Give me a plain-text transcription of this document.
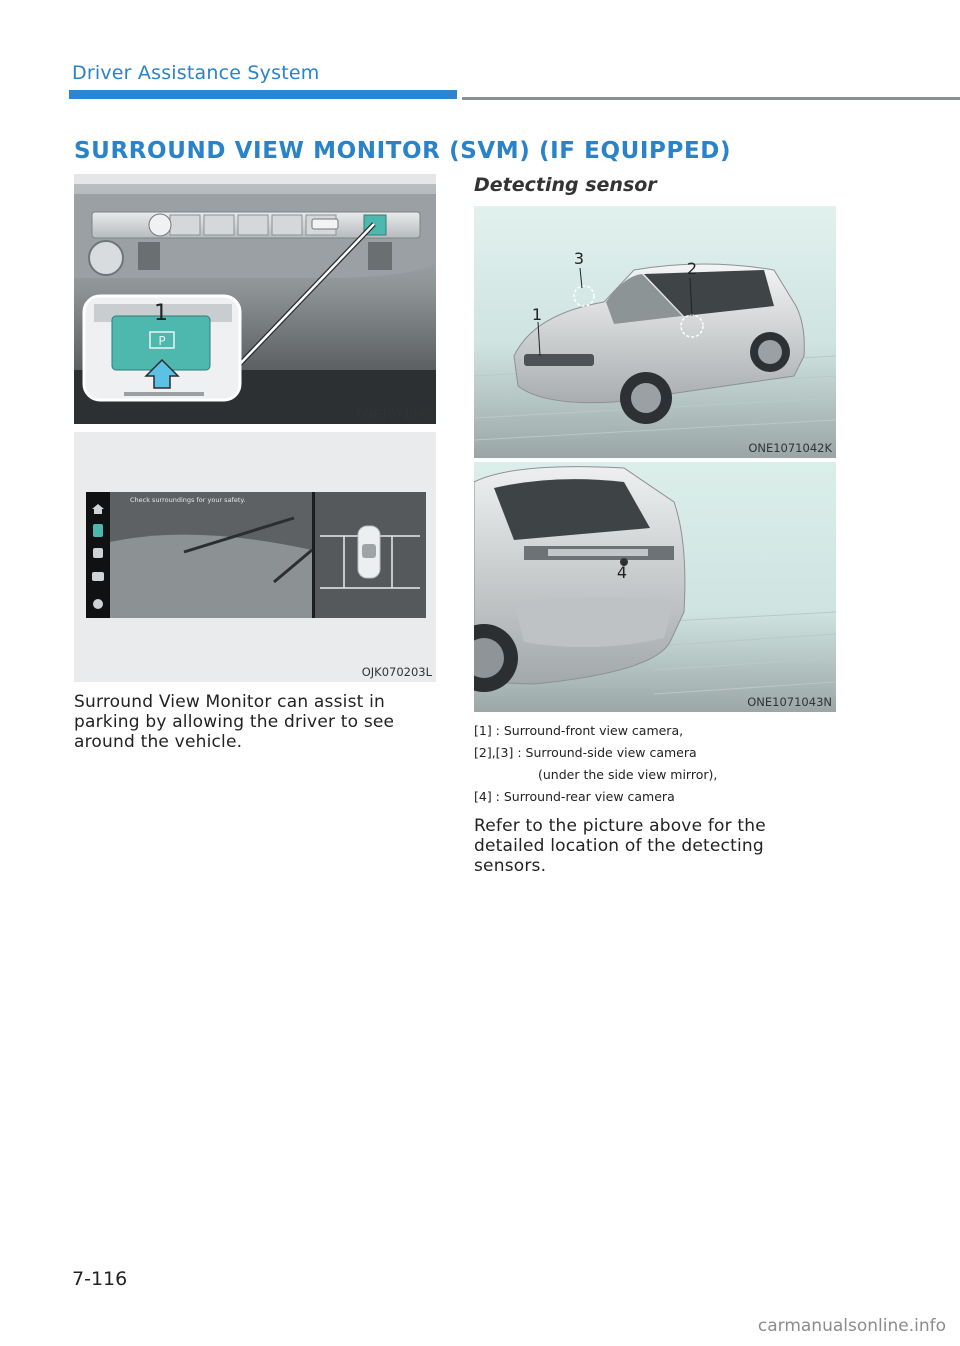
Driver Assistance System
SURROUND VIEW MONITOR (SVM) (IF EQUIPPED)
1
P
ONE1071040
Check surroundings for your safety.
OJK070203L
Surround View Monitor can assist in
parking by allowing the driver to see
around the vehicle.
Detecting sensor
3
2
1
ONE1071042K
4
ONE1071043N
[1] : Surround-front view camera,
[2],[3] : Surround-side view camera
(under the side view mirror),
[4] : Surround-rear view camera
Refer to the picture above for the
detailed location of the detecting
sensors.
7-116
carmanualsonline.info
